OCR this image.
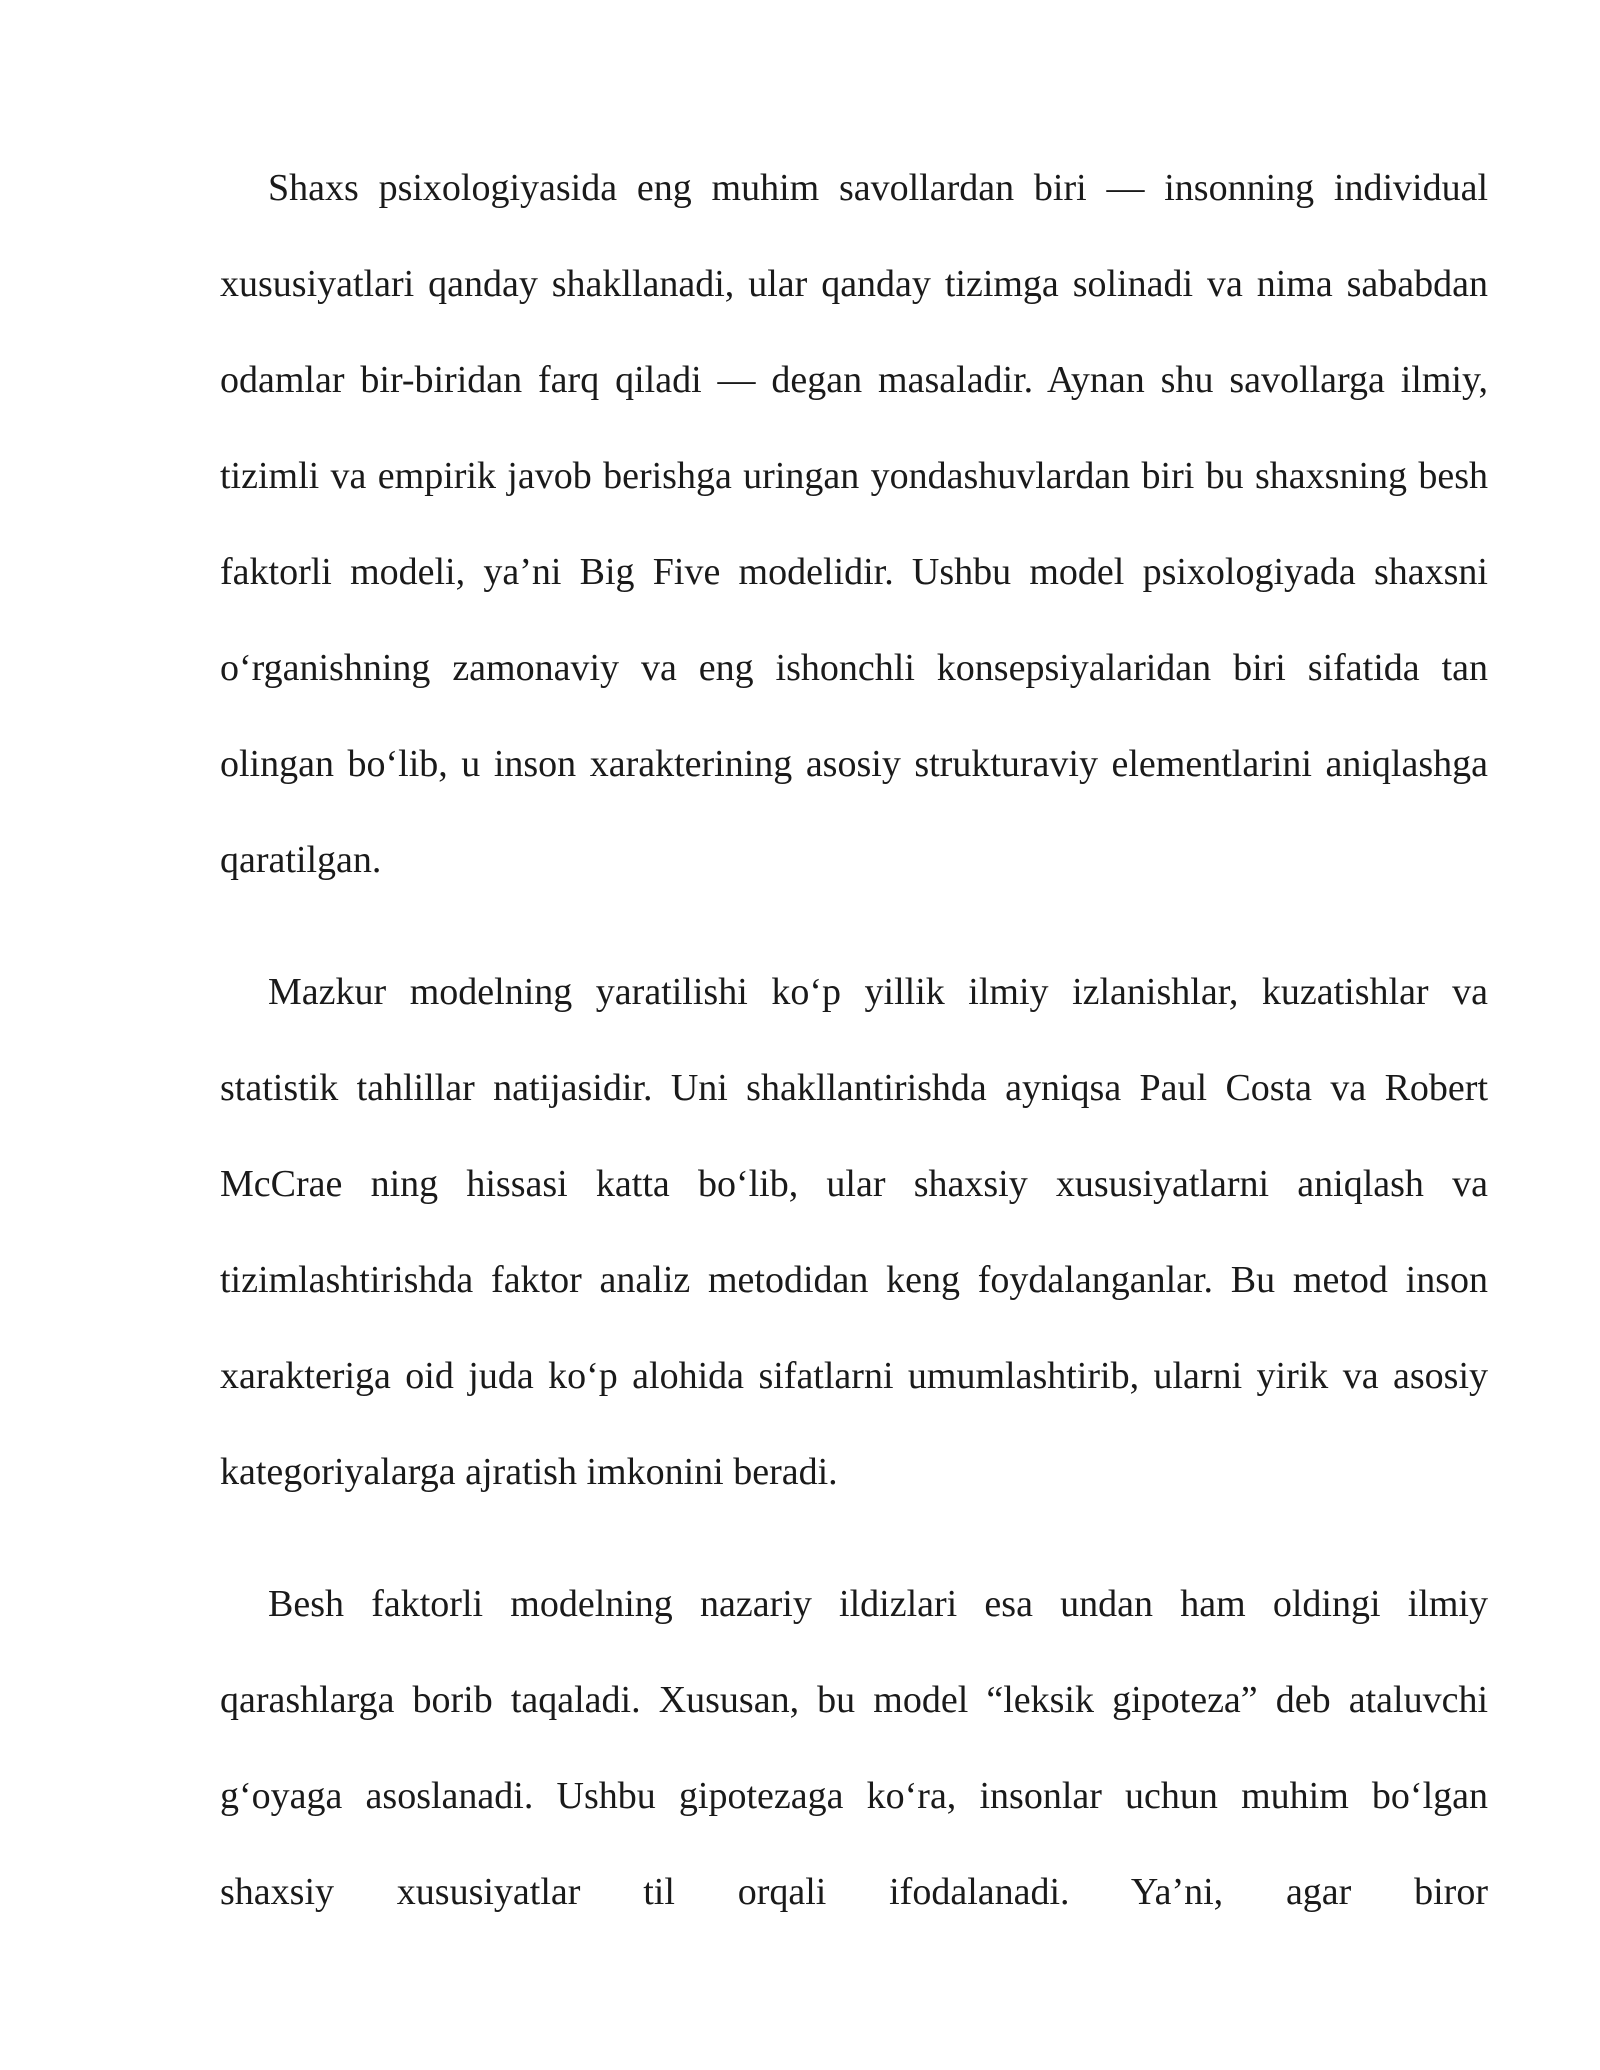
Shaxs psixologiyasida eng muhim savollardan biri — insonning individual xususiyatlari qanday shakllanadi, ular qanday tizimga solinadi va nima sababdan odamlar bir-biridan farq qiladi — degan masaladir. Aynan shu savollarga ilmiy, tizimli va empirik javob berishga uringan yondashuvlardan biri bu shaxsning besh faktorli modeli, ya’ni Big Five modelidir. Ushbu model psixologiyada shaxsni o‘rganishning zamonaviy va eng ishonchli konsepsiyalaridan biri sifatida tan olingan bo‘lib, u inson xarakterining asosiy strukturaviy elementlarini aniqlashga qaratilgan.

Mazkur modelning yaratilishi ko‘p yillik ilmiy izlanishlar, kuzatishlar va statistik tahlillar natijasidir. Uni shakllantirishda ayniqsa Paul Costa va Robert McCrae ning hissasi katta bo‘lib, ular shaxsiy xususiyatlarni aniqlash va tizimlashtirishda faktor analiz metodidan keng foydalanganlar. Bu metod inson xarakteriga oid juda ko‘p alohida sifatlarni umumlashtirib, ularni yirik va asosiy kategoriyalarga ajratish imkonini beradi.

Besh faktorli modelning nazariy ildizlari esa undan ham oldingi ilmiy qarashlarga borib taqaladi. Xususan, bu model “leksik gipoteza” deb ataluvchi g‘oyaga asoslanadi. Ushbu gipotezaga ko‘ra, insonlar uchun muhim bo‘lgan shaxsiy xususiyatlar til orqali ifodalanadi. Ya’ni, agar biror
